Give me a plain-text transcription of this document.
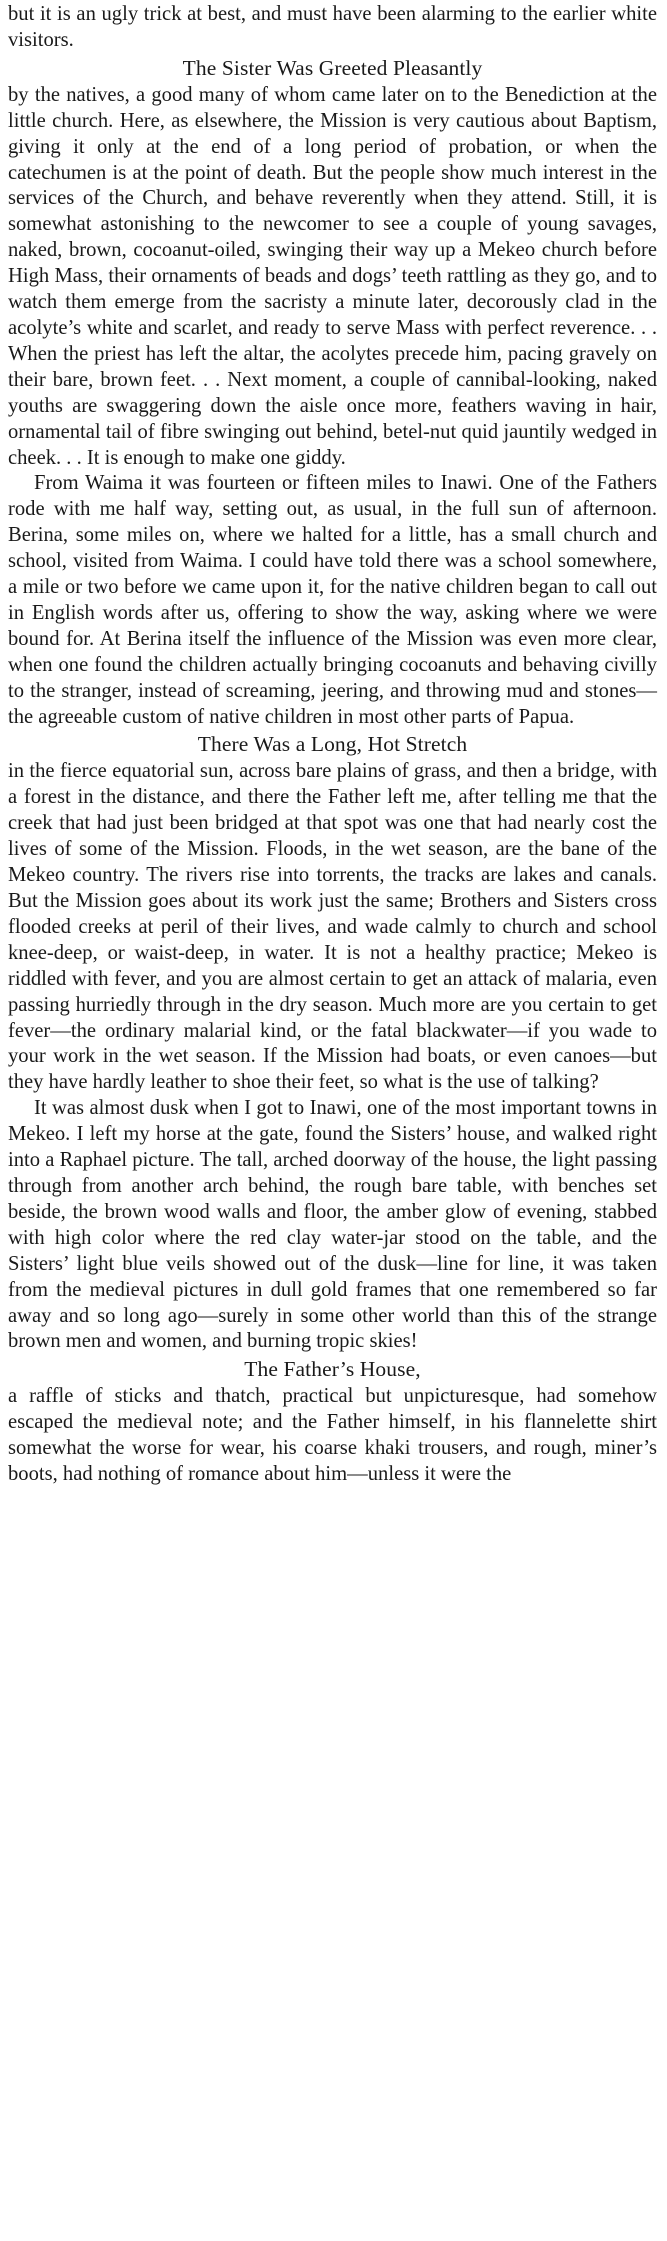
but it is an ugly trick at best, and must have been alarming to the earlier white visitors.

The Sister Was Greeted Pleasantly

by the natives, a good many of whom came later on to the Benediction at the little church. Here, as elsewhere, the Mission is very cautious about Baptism, giving it only at the end of a long period of probation, or when the catechumen is at the point of death. But the people show much interest in the services of the Church, and behave reverently when they attend. Still, it is somewhat astonishing to the newcomer to see a couple of young savages, naked, brown, cocoanut-oiled, swinging their way up a Mekeo church before High Mass, their ornaments of beads and dogs’ teeth rattling as they go, and to watch them emerge from the sacristy a minute later, decorously clad in the acolyte’s white and scarlet, and ready to serve Mass with perfect reverence. . . When the priest has left the altar, the acolytes precede him, pacing gravely on their bare, brown feet. . . Next moment, a couple of cannibal-looking, naked youths are swaggering down the aisle once more, feathers waving in hair, ornamental tail of fibre swinging out behind, betel-nut quid jauntily wedged in cheek. . . It is enough to make one giddy.

From Waima it was fourteen or fifteen miles to Inawi. One of the Fathers rode with me half way, setting out, as usual, in the full sun of afternoon. Berina, some miles on, where we halted for a little, has a small church and school, visited from Waima. I could have told there was a school somewhere, a mile or two before we came upon it, for the native children began to call out in English words after us, offering to show the way, asking where we were bound for. At Berina itself the influence of the Mission was even more clear, when one found the children actually bringing cocoanuts and behaving civilly to the stranger, instead of screaming, jeering, and throwing mud and stones—the agreeable custom of native children in most other parts of Papua.

There Was a Long, Hot Stretch

in the fierce equatorial sun, across bare plains of grass, and then a bridge, with a forest in the distance, and there the Father left me, after telling me that the creek that had just been bridged at that spot was one that had nearly cost the lives of some of the Mission. Floods, in the wet season, are the bane of the Mekeo country. The rivers rise into torrents, the tracks are lakes and canals. But the Mission goes about its work just the same; Brothers and Sisters cross flooded creeks at peril of their lives, and wade calmly to church and school knee-deep, or waist-deep, in water. It is not a healthy practice; Mekeo is riddled with fever, and you are almost certain to get an attack of malaria, even passing hurriedly through in the dry season. Much more are you certain to get fever—the ordinary malarial kind, or the fatal blackwater—if you wade to your work in the wet season. If the Mission had boats, or even canoes—but they have hardly leather to shoe their feet, so what is the use of talking?

It was almost dusk when I got to Inawi, one of the most important towns in Mekeo. I left my horse at the gate, found the Sisters’ house, and walked right into a Raphael picture. The tall, arched doorway of the house, the light passing through from another arch behind, the rough bare table, with benches set beside, the brown wood walls and floor, the amber glow of evening, stabbed with high color where the red clay water-jar stood on the table, and the Sisters’ light blue veils showed out of the dusk—line for line, it was taken from the medieval pictures in dull gold frames that one remembered so far away and so long ago—surely in some other world than this of the strange brown men and women, and burning tropic skies!

The Father’s House,

a raffle of sticks and thatch, practical but unpicturesque, had somehow escaped the medieval note; and the Father himself, in his flannelette shirt somewhat the worse for wear, his coarse khaki trousers, and rough, miner’s boots, had nothing of romance about him—unless it were the
